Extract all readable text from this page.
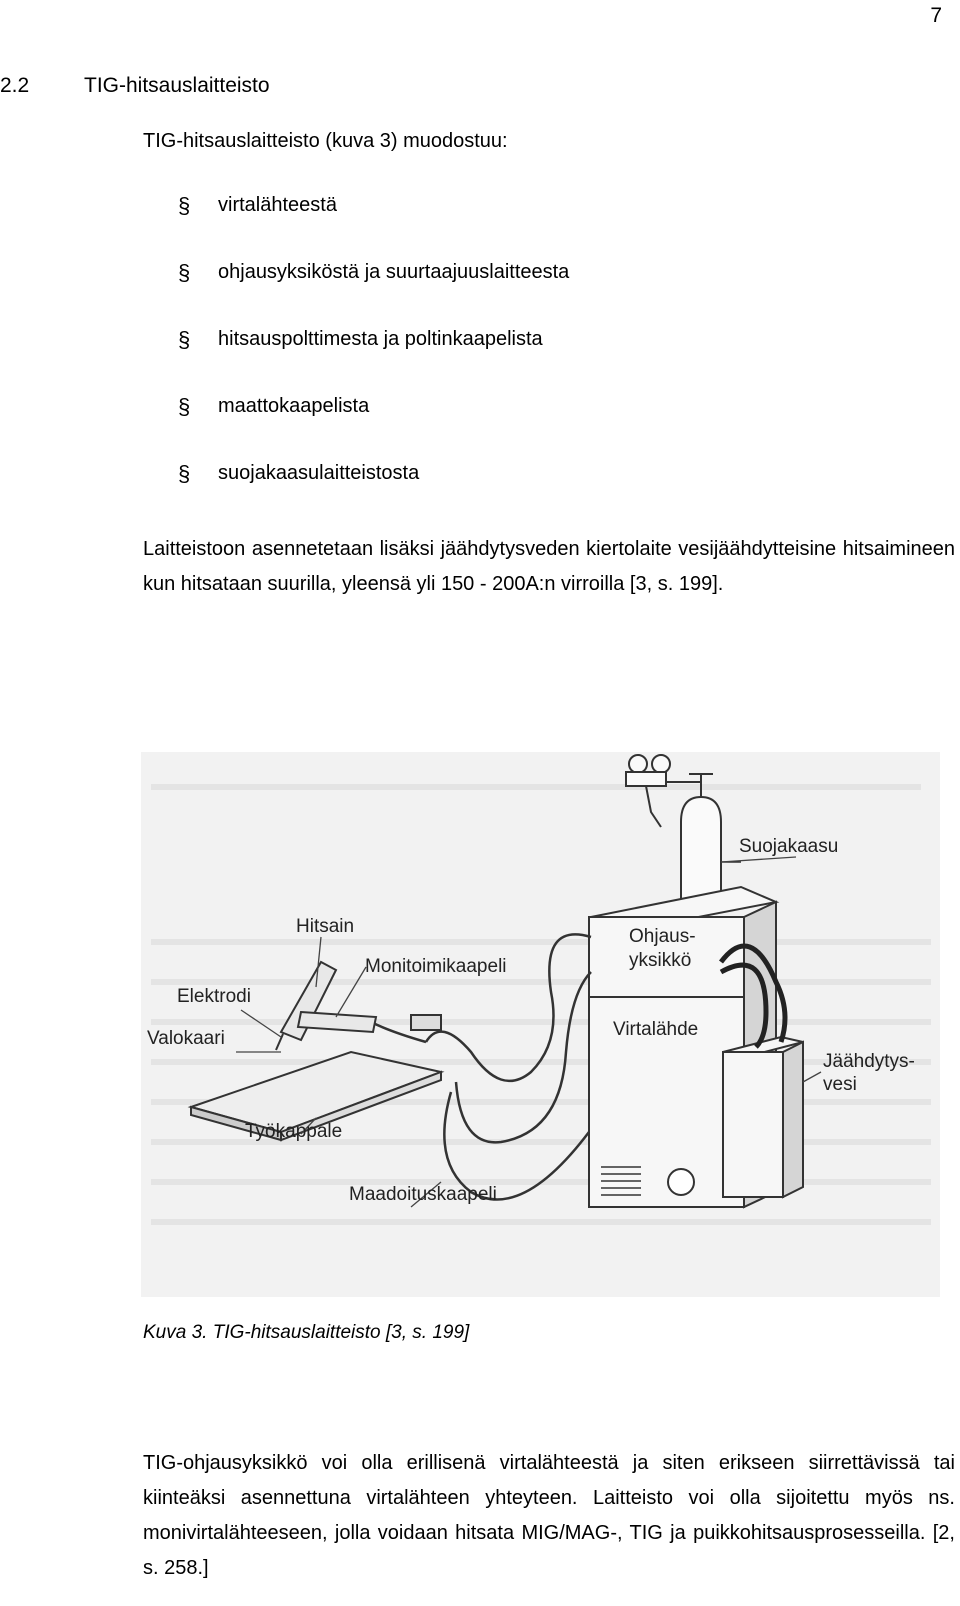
7
2.2	TIG-hitsauslaitteisto
TIG-hitsauslaitteisto (kuva 3) muodostuu:
§	virtalähteestä
§	ohjausyksiköstä ja suurtaajuuslaitteesta
§	hitsauspolttimesta ja poltinkaapelista
§	maattokaapelista
§	suojakaasulaitteistosta

Laitteistoon asennetetaan lisäksi jäähdytysveden kiertolaite vesijäähdytteisine hitsaimineen kun hitsataan suurilla, yleensä yli 150 - 200A:n virroilla [3, s. 199].

Suojakaasu
Hitsain	Ohjaus-
yksikkö
Monitoimikaapeli
Elektrodi
Valokaari	Virtalähde
Jäähdytys-
vesi
Työkappale
Maadoituskaapeli
Kuva 3. TIG-hitsauslaitteisto [3, s. 199]

TIG-ohjausyksikkö voi olla erillisenä virtalähteestä ja siten erikseen siirrettävissä tai kiinteäksi asennettuna virtalähteen yhteyteen. Laitteisto voi olla sijoitettu myös ns. monivirtalähteeseen, jolla voidaan hitsata MIG/MAG-, TIG ja puikkohitsausprosesseilla. [2, s. 258.]
